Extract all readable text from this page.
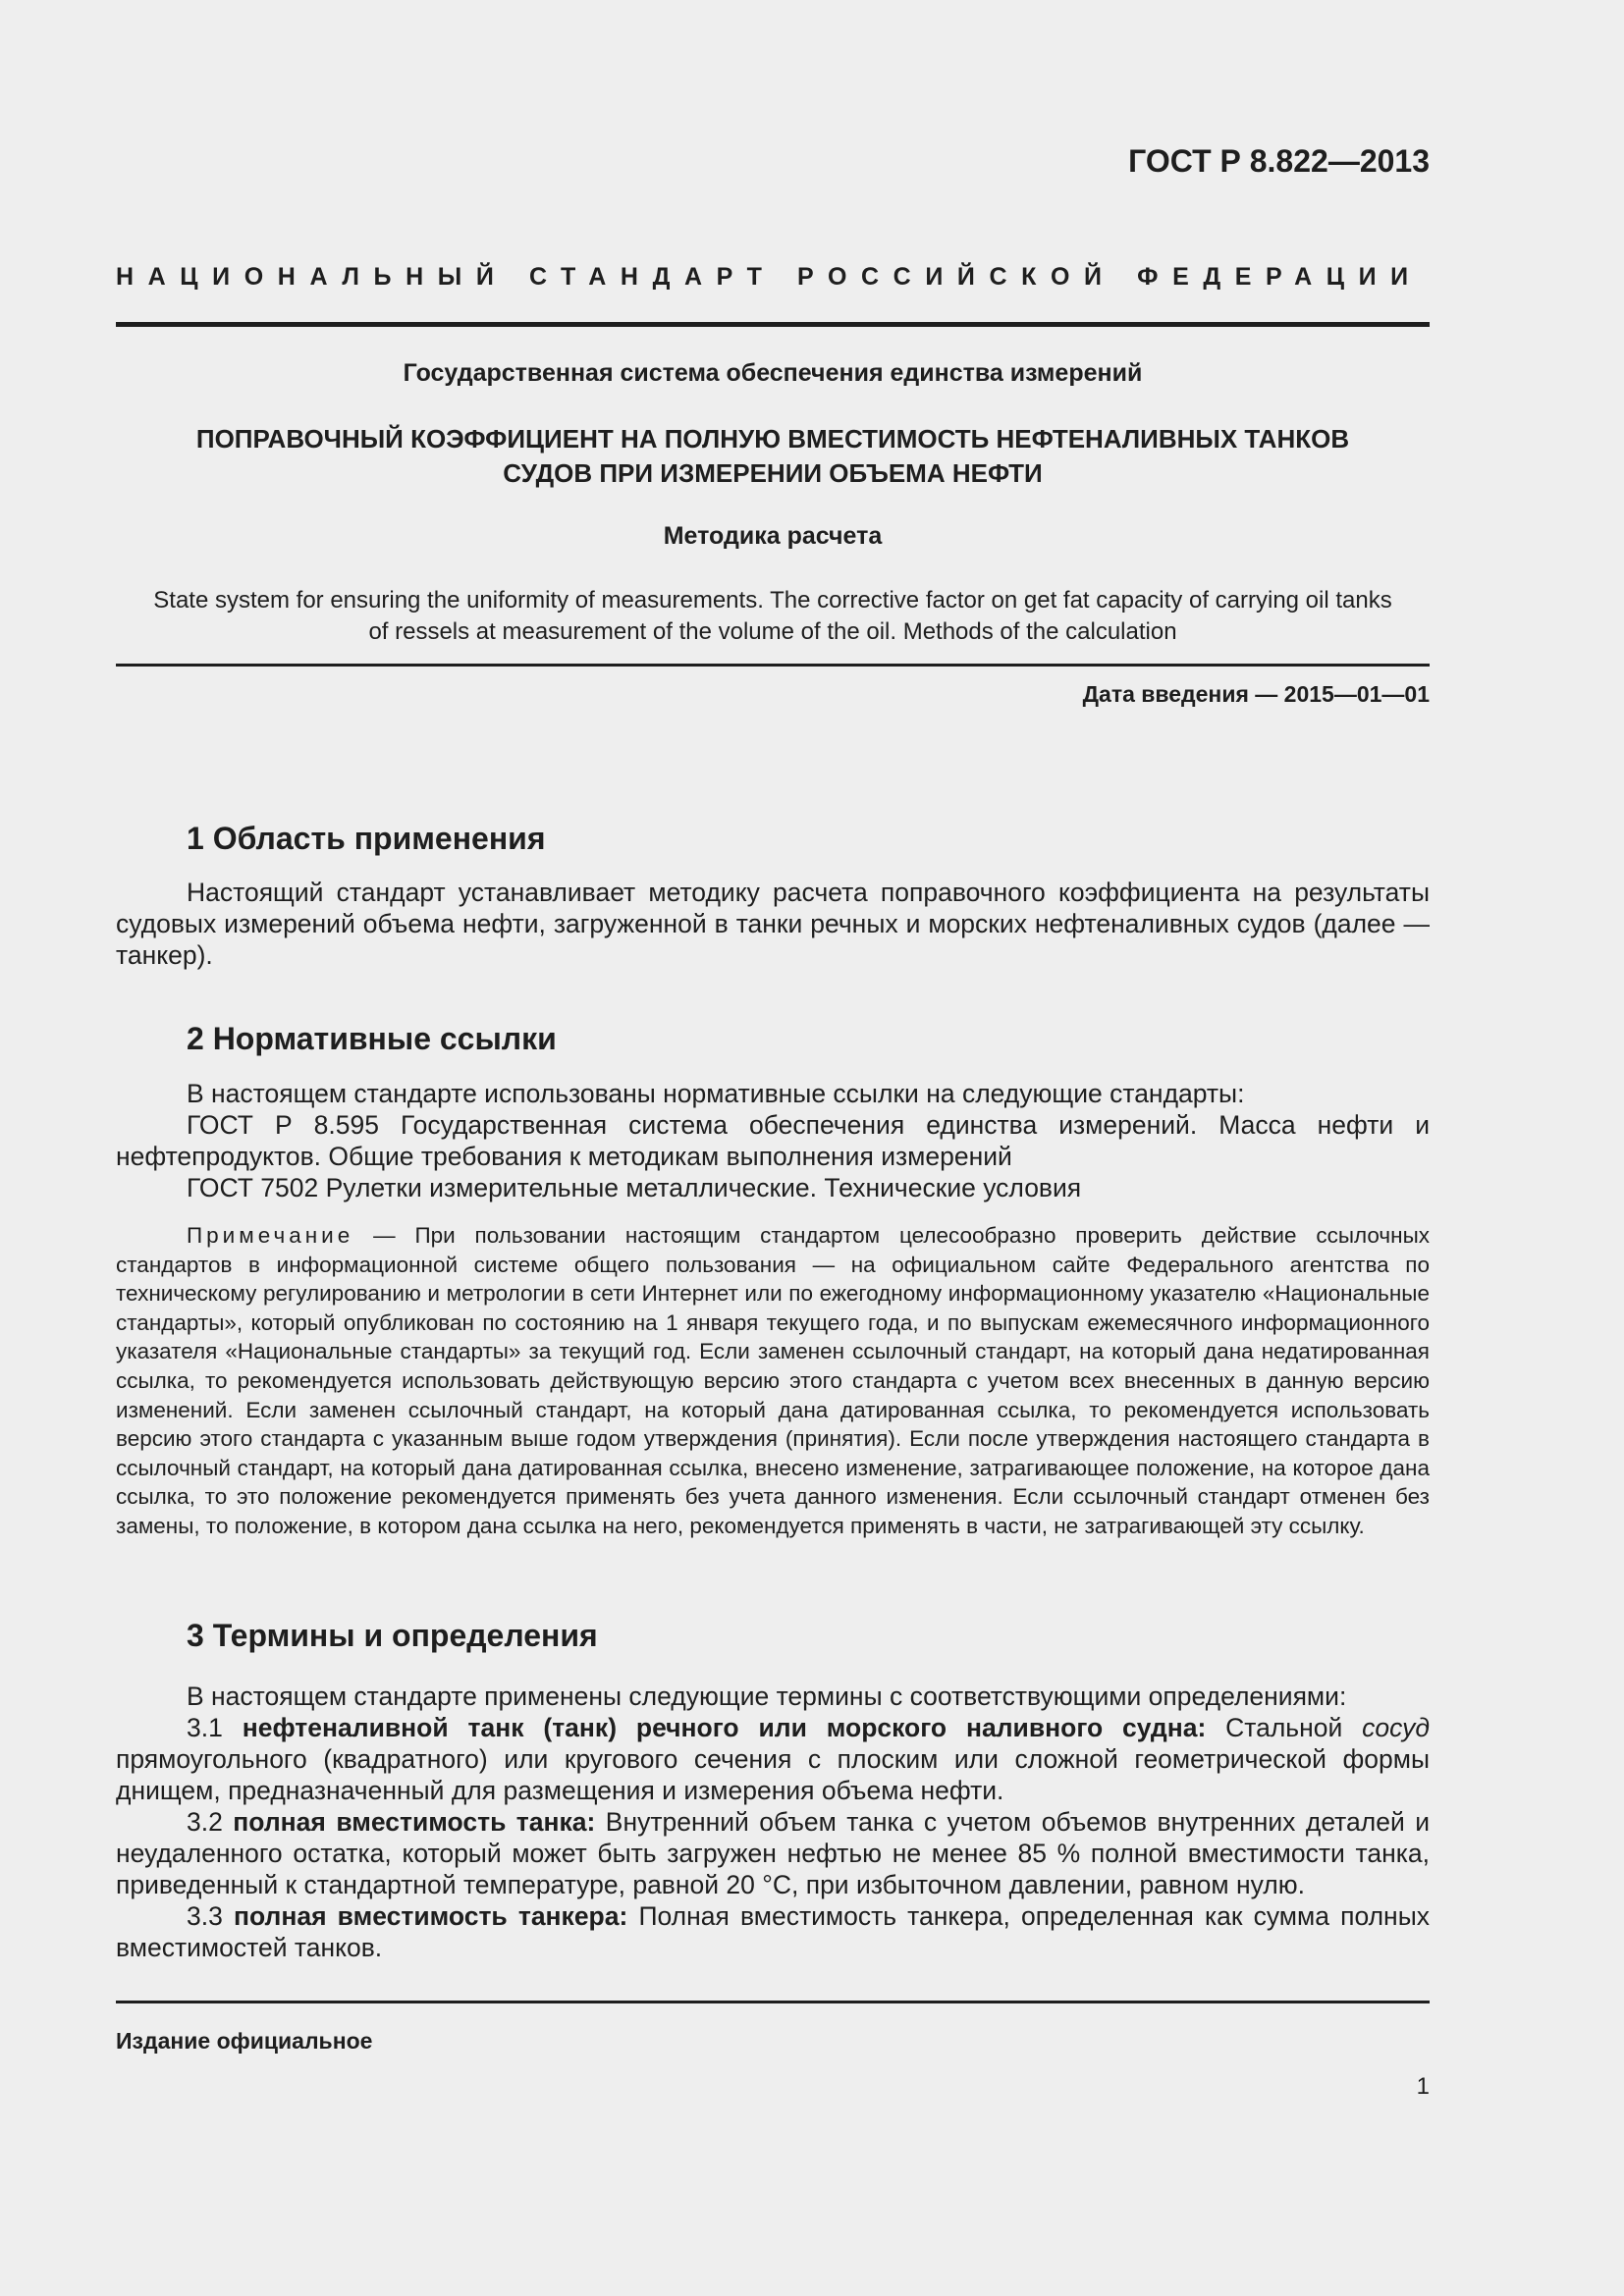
ГОСТ Р 8.822—2013
НАЦИОНАЛЬНЫЙ СТАНДАРТ РОССИЙСКОЙ ФЕДЕРАЦИИ
Государственная система обеспечения единства измерений
ПОПРАВОЧНЫЙ КОЭФФИЦИЕНТ НА ПОЛНУЮ ВМЕСТИМОСТЬ НЕФТЕНАЛИВНЫХ ТАНКОВ
СУДОВ ПРИ ИЗМЕРЕНИИ ОБЪЕМА НЕФТИ
Методика расчета
State system for ensuring the uniformity of measurements. The corrective factor on get fat capacity of carrying oil tanks
of ressels at measurement of the volume of the oil. Methods of the calculation
Дата введения — 2015—01—01
1 Область применения

Настоящий стандарт устанавливает методику расчета поправочного коэффициента на результаты судовых измерений объема нефти, загруженной в танки речных и морских нефтеналивных судов (далее — танкер).

2 Нормативные ссылки

В настоящем стандарте использованы нормативные ссылки на следующие стандарты:

ГОСТ Р 8.595 Государственная система обеспечения единства измерений. Масса нефти и нефтепродуктов. Общие требования к методикам выполнения измерений

ГОСТ 7502 Рулетки измерительные металлические. Технические условия

Примечание — При пользовании настоящим стандартом целесообразно проверить действие ссылочных стандартов в информационной системе общего пользования — на официальном сайте Федерального агентства по техническому регулированию и метрологии в сети Интернет или по ежегодному информационному указателю «Национальные стандарты», который опубликован по состоянию на 1 января текущего года, и по выпускам ежемесячного информационного указателя «Национальные стандарты» за текущий год. Если заменен ссылочный стандарт, на который дана недатированная ссылка, то рекомендуется использовать действующую версию этого стандарта с учетом всех внесенных в данную версию изменений. Если заменен ссылочный стандарт, на который дана датированная ссылка, то рекомендуется использовать версию этого стандарта с указанным выше годом утверждения (принятия). Если после утверждения настоящего стандарта в ссылочный стандарт, на который дана датированная ссылка, внесено изменение, затрагивающее положение, на которое дана ссылка, то это положение рекомендуется применять без учета данного изменения. Если ссылочный стандарт отменен без замены, то положение, в котором дана ссылка на него, рекомендуется применять в части, не затрагивающей эту ссылку.

3 Термины и определения

В настоящем стандарте применены следующие термины с соответствующими определениями:

3.1 нефтеналивной танк (танк) речного или морского наливного судна: Стальной сосуд прямоугольного (квадратного) или кругового сечения с плоским или сложной геометрической формы днищем, предназначенный для размещения и измерения объема нефти.

3.2 полная вместимость танка: Внутренний объем танка с учетом объемов внутренних деталей и неудаленного остатка, который может быть загружен нефтью не менее 85 % полной вместимости танка, приведенный к стандартной температуре, равной 20 °С, при избыточном давлении, равном нулю.

3.3 полная вместимость танкера: Полная вместимость танкера, определенная как сумма полных вместимостей танков.

Издание официальное
1
